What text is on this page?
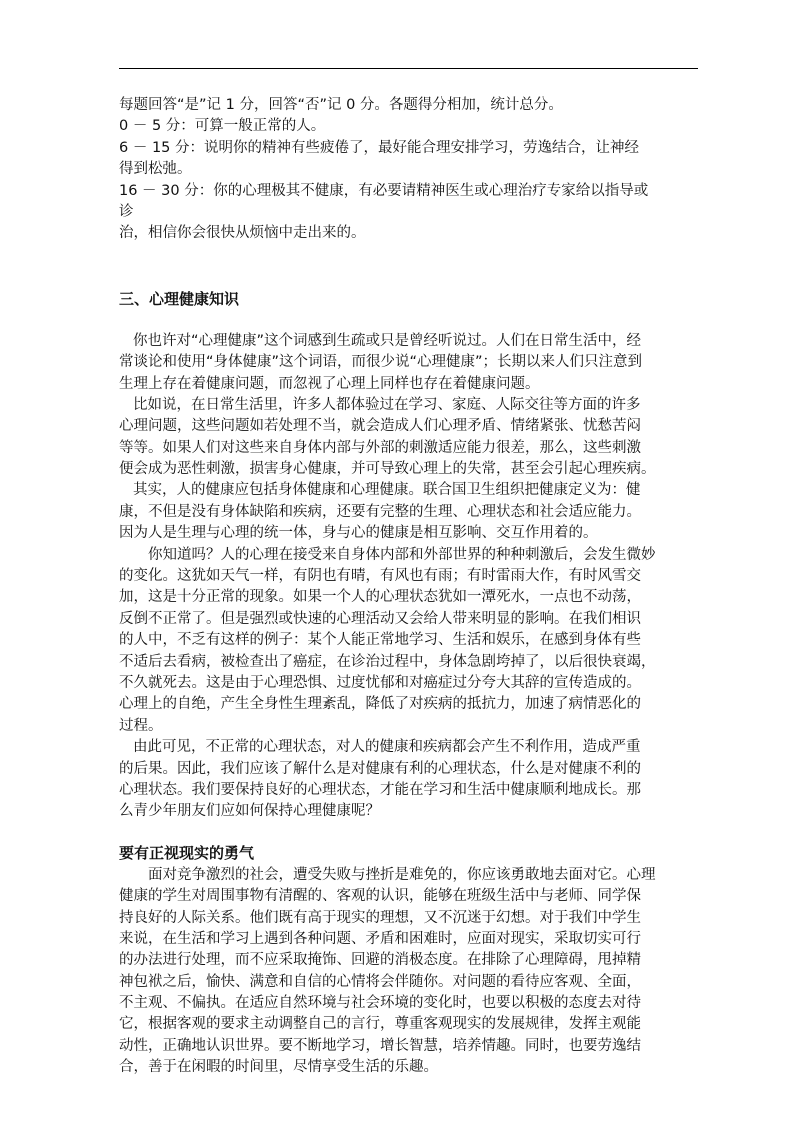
每题回答“是”记 1 分，回答“否”记 0 分。各题得分相加，统计总分。
0 － 5 分：可算一般正常的人。
6 － 15 分：说明你的精神有些疲倦了，最好能合理安排学习，劳逸结合，让神经
得到松弛。
16 － 30 分：你的心理极其不健康，有必要请精神医生或心理治疗专家给以指导或
诊
治，相信你会很快从烦恼中走出来的。
三、心理健康知识
你也许对“心理健康”这个词感到生疏或只是曾经听说过。人们在日常生活中，经
常谈论和使用“身体健康”这个词语，而很少说“心理健康”；长期以来人们只注意到
生理上存在着健康问题，而忽视了心理上同样也存在着健康问题。
比如说，在日常生活里，许多人都体验过在学习、家庭、人际交往等方面的许多
心理问题，这些问题如若处理不当，就会造成人们心理矛盾、情绪紧张、忧愁苦闷
等等。如果人们对这些来自身体内部与外部的刺激适应能力很差，那么，这些刺激
便会成为恶性刺激，损害身心健康，并可导致心理上的失常，甚至会引起心理疾病。
其实，人的健康应包括身体健康和心理健康。联合国卫生组织把健康定义为：健
康，不但是没有身体缺陷和疾病，还要有完整的生理、心理状态和社会适应能力。
因为人是生理与心理的统一体，身与心的健康是相互影响、交互作用着的。
你知道吗？人的心理在接受来自身体内部和外部世界的种种刺激后，会发生微妙
的变化。这犹如天气一样，有阴也有晴，有风也有雨；有时雷雨大作，有时风雪交
加，这是十分正常的现象。如果一个人的心理状态犹如一潭死水，一点也不动荡，
反倒不正常了。但是强烈或快速的心理活动又会给人带来明显的影响。在我们相识
的人中，不乏有这样的例子：某个人能正常地学习、生活和娱乐，在感到身体有些
不适后去看病，被检查出了癌症，在诊治过程中，身体急剧垮掉了，以后很快衰竭，
不久就死去。这是由于心理恐惧、过度忧郁和对癌症过分夸大其辞的宣传造成的。
心理上的自绝，产生全身性生理紊乱，降低了对疾病的抵抗力，加速了病情恶化的
过程。
由此可见，不正常的心理状态，对人的健康和疾病都会产生不利作用，造成严重
的后果。因此，我们应该了解什么是对健康有利的心理状态，什么是对健康不利的
心理状态。我们要保持良好的心理状态，才能在学习和生活中健康顺利地成长。那
么青少年朋友们应如何保持心理健康呢？
要有正视现实的勇气
面对竞争激烈的社会，遭受失败与挫折是难免的，你应该勇敢地去面对它。心理
健康的学生对周围事物有清醒的、客观的认识，能够在班级生活中与老师、同学保
持良好的人际关系。他们既有高于现实的理想，又不沉迷于幻想。对于我们中学生
来说，在生活和学习上遇到各种问题、矛盾和困难时，应面对现实，采取切实可行
的办法进行处理，而不应采取掩饰、回避的消极态度。在排除了心理障碍，甩掉精
神包袱之后，愉快、满意和自信的心情将会伴随你。对问题的看待应客观、全面，
不主观、不偏执。在适应自然环境与社会环境的变化时，也要以积极的态度去对待
它，根据客观的要求主动调整自己的言行，尊重客观现实的发展规律，发挥主观能
动性，正确地认识世界。要不断地学习，增长智慧，培养情趣。同时，也要劳逸结
合，善于在闲暇的时间里，尽情享受生活的乐趣。
